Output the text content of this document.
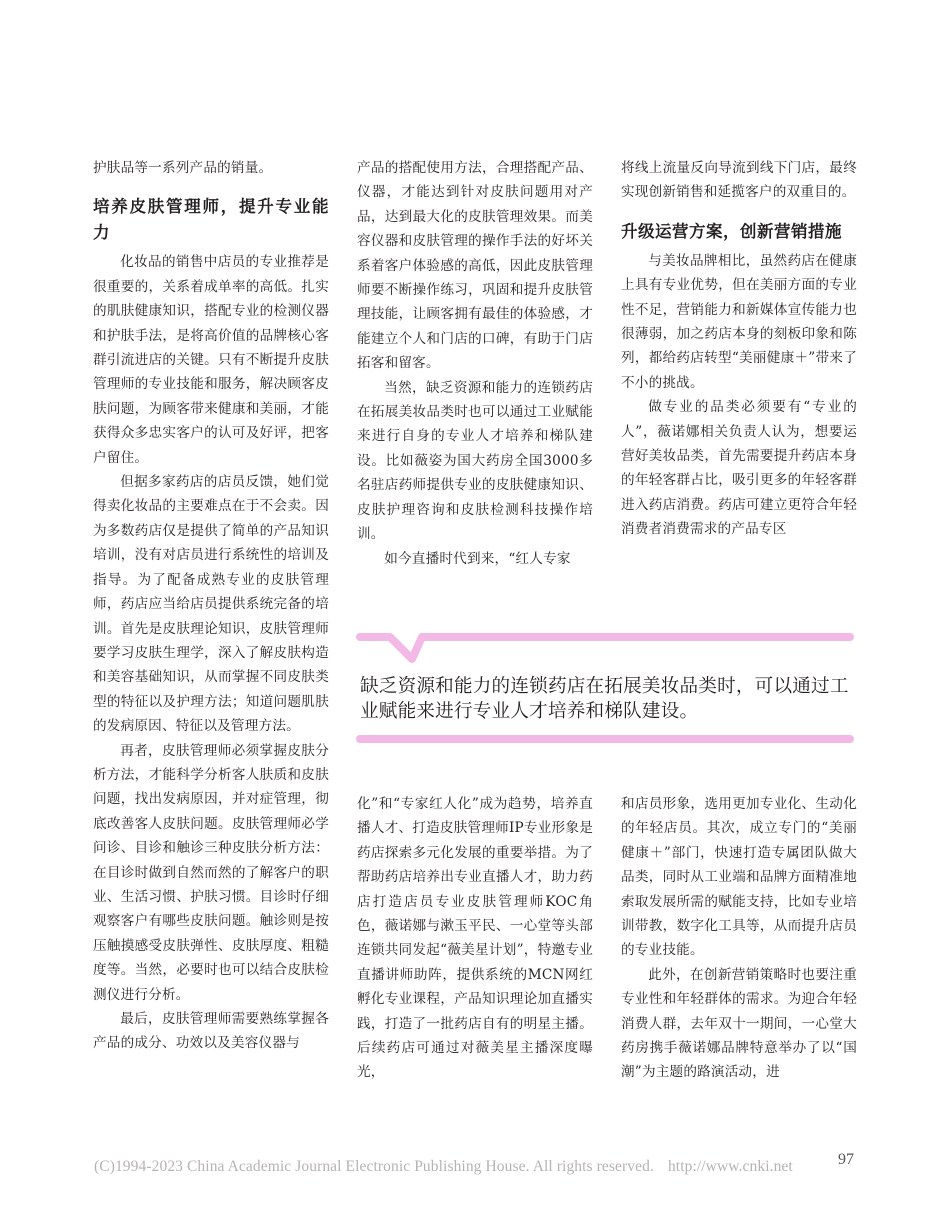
护肤品等一系列产品的销量。

培养皮肤管理师，提升专业能力

化妆品的销售中店员的专业推荐是很重要的，关系着成单率的高低。扎实的肌肤健康知识，搭配专业的检测仪器和护肤手法，是将高价值的品牌核心客群引流进店的关键。只有不断提升皮肤管理师的专业技能和服务，解决顾客皮肤问题，为顾客带来健康和美丽，才能获得众多忠实客户的认可及好评，把客户留住。

但据多家药店的店员反馈，她们觉得卖化妆品的主要难点在于不会卖。因为多数药店仅是提供了简单的产品知识培训，没有对店员进行系统性的培训及指导。为了配备成熟专业的皮肤管理师，药店应当给店员提供系统完备的培训。首先是皮肤理论知识，皮肤管理师要学习皮肤生理学，深入了解皮肤构造和美容基础知识，从而掌握不同皮肤类型的特征以及护理方法；知道问题肌肤的发病原因、特征以及管理方法。

再者，皮肤管理师必须掌握皮肤分析方法，才能科学分析客人肤质和皮肤问题，找出发病原因，并对症管理，彻底改善客人皮肤问题。皮肤管理师必学问诊、目诊和触诊三种皮肤分析方法：在目诊时做到自然而然的了解客户的职业、生活习惯、护肤习惯。目诊时仔细观察客户有哪些皮肤问题。触诊则是按压触摸感受皮肤弹性、皮肤厚度、粗糙度等。当然，必要时也可以结合皮肤检测仪进行分析。

最后，皮肤管理师需要熟练掌握各产品的成分、功效以及美容仪器与

产品的搭配使用方法，合理搭配产品、仪器，才能达到针对皮肤问题用对产品，达到最大化的皮肤管理效果。而美容仪器和皮肤管理的操作手法的好坏关系着客户体验感的高低，因此皮肤管理师要不断操作练习，巩固和提升皮肤管理技能，让顾客拥有最佳的体验感，才能建立个人和门店的口碑，有助于门店拓客和留客。

当然，缺乏资源和能力的连锁药店在拓展美妆品类时也可以通过工业赋能来进行自身的专业人才培养和梯队建设。比如薇姿为国大药房全国3000多名驻店药师提供专业的皮肤健康知识、皮肤护理咨询和皮肤检测科技操作培训。

如今直播时代到来，“红人专家

将线上流量反向导流到线下门店，最终实现创新销售和延揽客户的双重目的。

升级运营方案，创新营销措施

与美妆品牌相比，虽然药店在健康上具有专业优势，但在美丽方面的专业性不足，营销能力和新媒体宣传能力也很薄弱，加之药店本身的刻板印象和陈列，都给药店转型“美丽健康＋”带来了不小的挑战。

做专业的品类必须要有“专业的人”，薇诺娜相关负责人认为，想要运营好美妆品类，首先需要提升药店本身的年轻客群占比，吸引更多的年轻客群进入药店消费。药店可建立更符合年轻消费者消费需求的产品专区

缺乏资源和能力的连锁药店在拓展美妆品类时，可以通过工业赋能来进行专业人才培养和梯队建设。

化”和“专家红人化”成为趋势，培养直播人才、打造皮肤管理师IP专业形象是药店探索多元化发展的重要举措。为了帮助药店培养出专业直播人才，助力药店打造店员专业皮肤管理师KOC角色，薇诺娜与漱玉平民、一心堂等头部连锁共同发起“薇美星计划”，特邀专业直播讲师助阵，提供系统的MCN网红孵化专业课程，产品知识理论加直播实践，打造了一批药店自有的明星主播。后续药店可通过对薇美星主播深度曝光，

和店员形象，选用更加专业化、生动化的年轻店员。其次，成立专门的“美丽健康＋”部门，快速打造专属团队做大品类，同时从工业端和品牌方面精准地索取发展所需的赋能支持，比如专业培训带教，数字化工具等，从而提升店员的专业技能。

此外，在创新营销策略时也要注重专业性和年轻群体的需求。为迎合年轻消费人群，去年双十一期间，一心堂大药房携手薇诺娜品牌特意举办了以“国潮”为主题的路演活动，进

(C)1994-2023 China Academic Journal Electronic Publishing House. All rights reserved. http://www.cnki.net	97
